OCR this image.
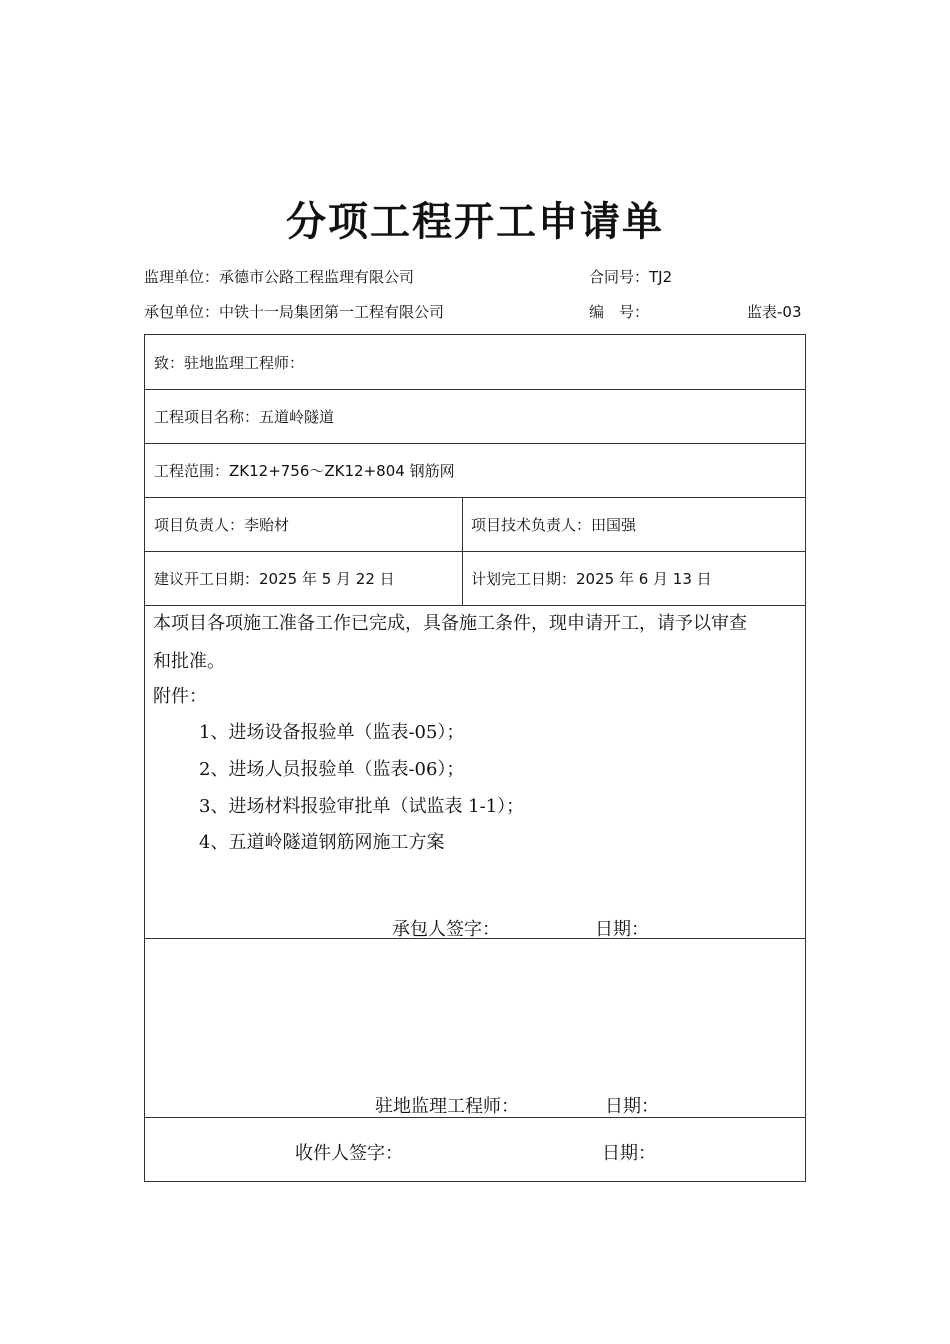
分项工程开工申请单
监理单位：承德市公路工程监理有限公司	合同号：TJ2
承包单位：中铁十一局集团第一工程有限公司	编　号：	监表-03
致：驻地监理工程师：
工程项目名称：五道岭隧道
工程范围：ZK12+756～ZK12+804 钢筋网
项目负责人：李贻材	项目技术负责人：田国强
建议开工日期：2025 年 5 月 22 日	计划完工日期：2025 年 6 月 13 日
本项目各项施工准备工作已完成，具备施工条件，现申请开工，请予以审查
和批准。
附件：
1、进场设备报验单（监表-05）；
2、进场人员报验单（监表-06）；
3、进场材料报验审批单（试监表 1-1）；
4、五道岭隧道钢筋网施工方案
承包人签字：	日期：
驻地监理工程师：	日期：
收件人签字：	日期：
